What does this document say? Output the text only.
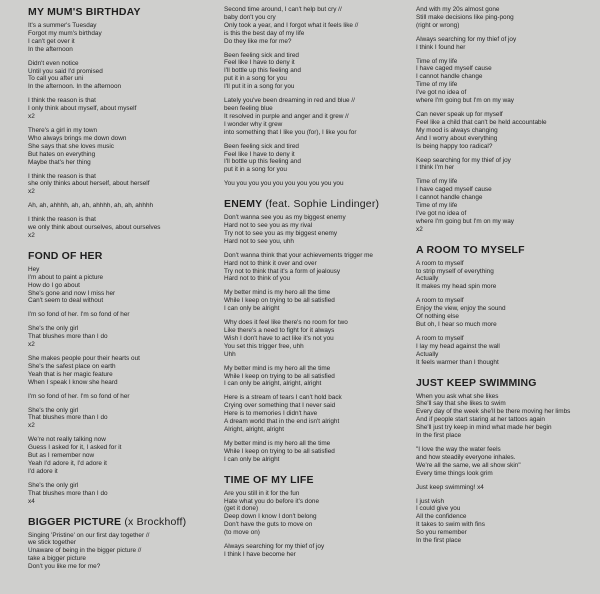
MY MUM'S BIRTHDAY
It's a summer's Tuesday
Forgot my mum's birthday
I can't get over it
In the afternoon
Didn't even notice
Until you said I'd promised
To call you after uni
In the afternoon. In the afternoon
I think the reason is that
I only think about myself, about myself
x2
There's a girl in my town
Who always brings me down down
She says that she loves music
But hates on everything
Maybe that's her thing
I think the reason is that
she only thinks about herself, about herself
x2
Ah, ah, ahhhh, ah, ah, ahhhh, ah, ah, ahhhh
I think the reason is that
we only think about ourselves, about ourselves
x2
FOND OF HER
Hey
I'm about to paint a picture
How do I go about
She's gone and now I miss her
Can't seem to deal without
I'm so fond of her. I'm so fond of her
She's the only girl
That blushes more than I do
x2
She makes people pour their hearts out
She's the safest place on earth
Yeah that is her magic feature
When I speak I know she heard
I'm so fond of her. I'm so fond of her
She's the only girl
That blushes more than I do
x2
We're not really talking now
Guess I asked for it, I asked for it
But as I remember now
Yeah I'd adore it, I'd adore it
I'd adore it
She's the only girl
That blushes more than I do
x4
BIGGER PICTURE (x Brockhoff)
Singing 'Pristine' on our first day together //
we stick together
Unaware of being in the bigger picture //
take a bigger picture
Don't you like me for me?
Second time around, I can't help but cry //
baby don't you cry
Only took a year, and I forgot what it feels like //
is this the best day of my life
Do they like me for me?
Been feeling sick and tired
Feel like I have to deny it
I'll bottle up this feeling and
put it in a song for you
I'll put it in a song for you
Lately you've been dreaming in red and blue //
been feeling blue
It resolved in purple and anger and it grew //
I wonder why it grew
into something that I like you (for), I like you for
Been feeling sick and tired
Feel like I have to deny it
I'll bottle up this feeling and
put it in a song for you
You you you you you you you you you you
ENEMY (feat. Sophie Lindinger)
Don't wanna see you as my biggest enemy
Hard not to see you as my rival
Try not to see you as my biggest enemy
Hard not to see you, uhh
Don't wanna think that your achievements trigger me
Hard not to think it over and over
Try not to think that it's a form of jealousy
Hard not to think of you
My better mind is my hero all the time
While I keep on trying to be all satisfied
I can only be alright
Why does it feel like there's no room for two
Like there's a need to fight for it always
Wish I don't have to act like it's not you
You set this trigger free, uhh
Uhh
My better mind is my hero all the time
While I keep on trying to be all satisfied
I can only be alright, alright, alright
Here is a stream of tears I can't hold back
Crying over something that I never said
Here is to memories I didn't have
A dream world that in the end isn't alright
Alright, alright, alright
My better mind is my hero all the time
While I keep on trying to be all satisfied
I can only be alright
TIME OF MY LIFE
Are you still in it for the fun
Hate what you do before it's done
(get it done)
Deep down I know I don't belong
Don't have the guts to move on
(to move on)
Always searching for my thief of joy
I think I have become her
And with my 20s almost gone
Still make decisions like ping-pong
(right or wrong)
Always searching for my thief of joy
I think I found her
Time of my life
I have caged myself cause
I cannot handle change
Time of my life
I've got no idea of
where I'm going but I'm on my way
Can never speak up for myself
Feel like a child that can't be held accountable
My mood is always changing
And I worry about everything
Is being happy too radical?
Keep searching for my thief of joy
I think I'm her
Time of my life
I have caged myself cause
I cannot handle change
Time of my life
I've got no idea of
where I'm going but I'm on my way
x2
A ROOM TO MYSELF
A room to myself
to strip myself of everything
Actually
It makes my head spin more
A room to myself
Enjoy the view, enjoy the sound
Of nothing else
But oh, I hear so much more
A room to myself
I lay my head against the wall
Actually
It feels warmer than I thought
JUST KEEP SWIMMING
When you ask what she likes
She'll say that she likes to swim
Every day of the week she'll be there moving her limbs
And if people start staring at her tattoos again
She'll just try keep in mind what made her begin
In the first place
"I love the way the water feels
and how steadily everyone inhales.
We're all the same, we all show skin"
Every time things look grim
Just keep swimming! x4
I just wish
I could give you
All the confidence
It takes to swim with fins
So you remember
In the first place
